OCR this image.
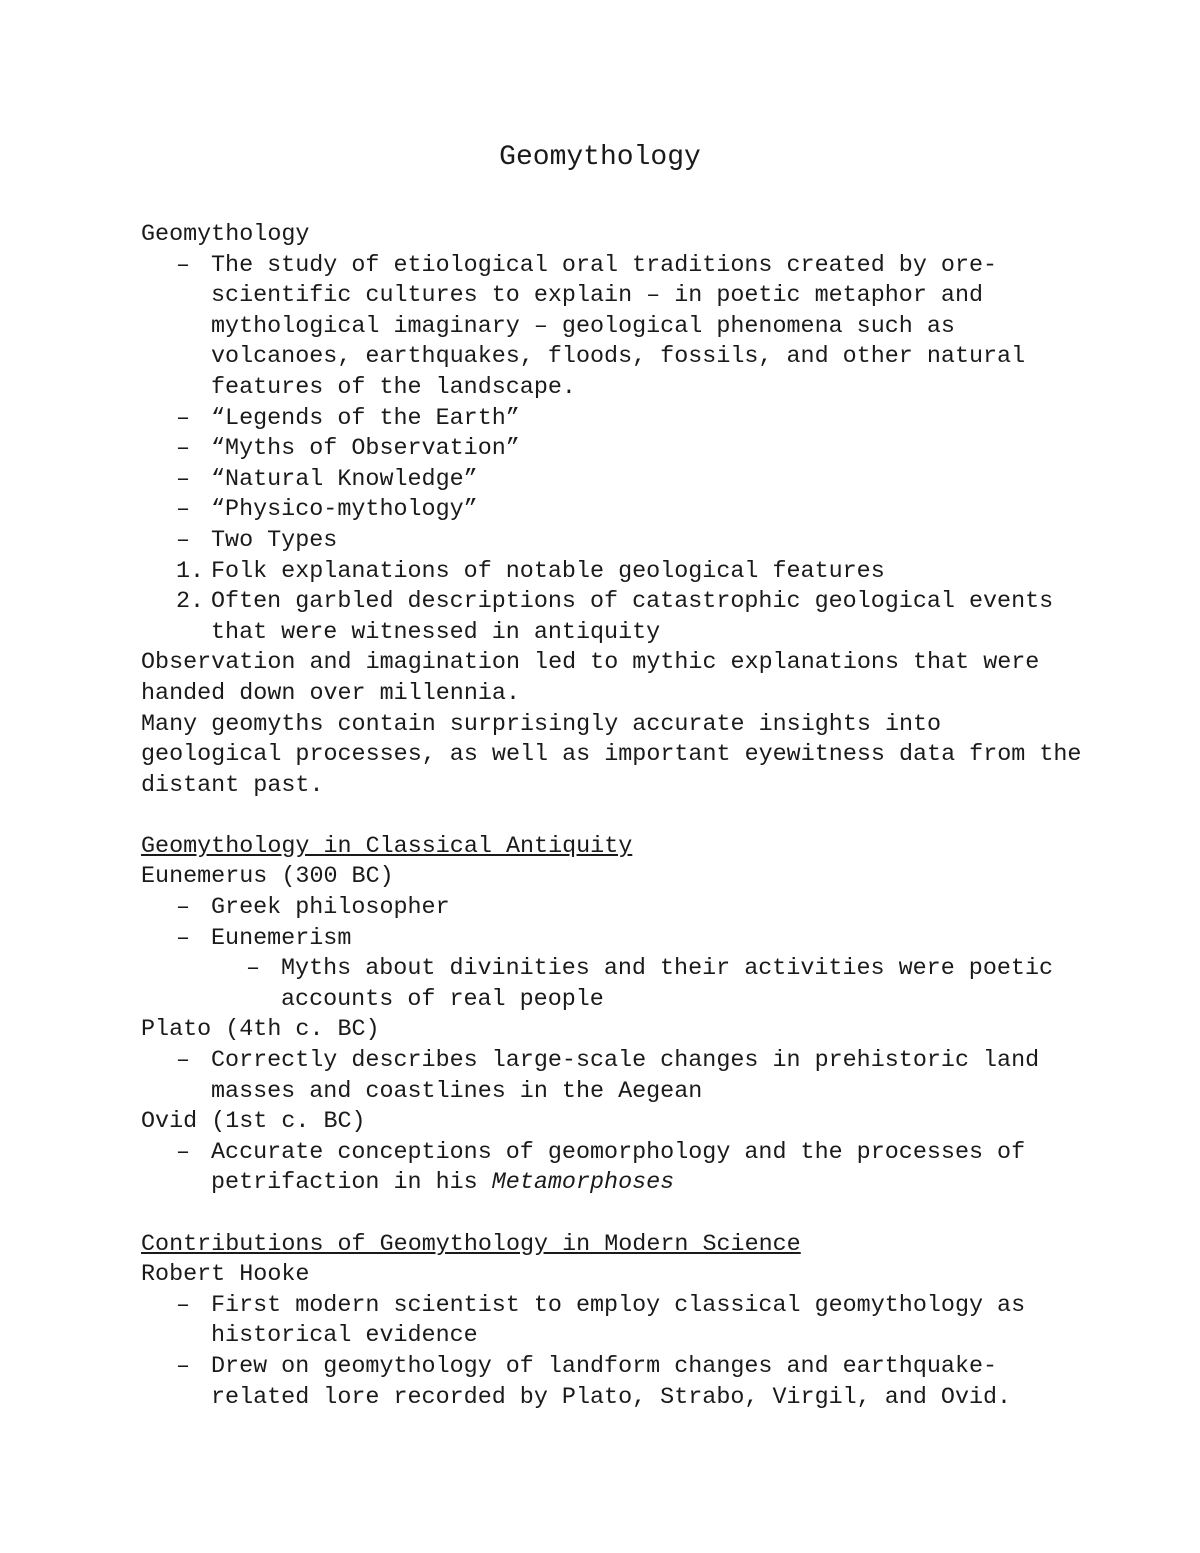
Geomythology

Geomythology

– The study of etiological oral traditions created by ore-scientific cultures to explain – in poetic metaphor and mythological imaginary – geological phenomena such as volcanoes, earthquakes, floods, fossils, and other natural features of the landscape.
– “Legends of the Earth”
– “Myths of Observation”
– “Natural Knowledge”
– “Physico-mythology”
– Two Types
1. Folk explanations of notable geological features
2. Often garbled descriptions of catastrophic geological events that were witnessed in antiquity

Observation and imagination led to mythic explanations that were handed down over millennia.

Many geomyths contain surprisingly accurate insights into geological processes, as well as important eyewitness data from the distant past.

Geomythology in Classical Antiquity

Eunemerus (300 BC)

– Greek philosopher
– Eunemerism
– Myths about divinities and their activities were poetic accounts of real people

Plato (4th c. BC)

– Correctly describes large-scale changes in prehistoric land masses and coastlines in the Aegean

Ovid (1st c. BC)

– Accurate conceptions of geomorphology and the processes of petrifaction in his Metamorphoses

Contributions of Geomythology in Modern Science

Robert Hooke

– First modern scientist to employ classical geomythology as historical evidence
– Drew on geomythology of landform changes and earthquake-related lore recorded by Plato, Strabo, Virgil, and Ovid.
